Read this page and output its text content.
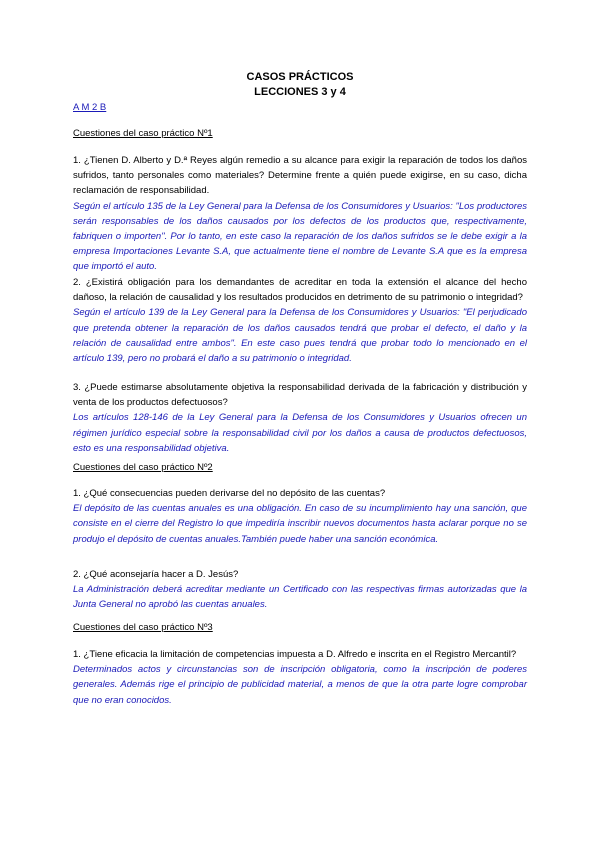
CASOS PRÁCTICOS
LECCIONES 3 y 4
A M 2 B
Cuestiones del caso práctico Nº1
1. ¿Tienen D. Alberto y D.ª Reyes algún remedio a su alcance para exigir la reparación de todos los daños sufridos, tanto personales como materiales? Determine frente a quién puede exigirse, en su caso, dicha reclamación de responsabilidad.
Según el artículo 135 de la Ley General para la Defensa de los Consumidores y Usuarios: "Los productores serán responsables de los daños causados por los defectos de los productos que, respectivamente, fabriquen o importen". Por lo tanto, en este caso la reparación de los daños sufridos se le debe exigir a la empresa Importaciones Levante S.A, que actualmente tiene el nombre de Levante S.A que es la empresa que importó el auto.
2. ¿Existirá obligación para los demandantes de acreditar en toda la extensión el alcance del hecho dañoso, la relación de causalidad y los resultados producidos en detrimento de su patrimonio o integridad?
Según el artículo 139 de la Ley General para la Defensa de los Consumidores y Usuarios: "El perjudicado que pretenda obtener la reparación de los daños causados tendrá que probar el defecto, el daño y la relación de causalidad entre ambos". En este caso pues tendrá que probar todo lo mencionado en el artículo 139, pero no probará el daño a su patrimonio o integridad.
3. ¿Puede estimarse absolutamente objetiva la responsabilidad derivada de la fabricación y distribución y venta de los productos defectuosos?
Los artículos 128-146 de la Ley General para la Defensa de los Consumidores y Usuarios ofrecen un régimen jurídico especial sobre la responsabilidad civil por los daños a causa de productos defectuosos, esto es una responsabilidad objetiva.
Cuestiones del caso práctico Nº2
1. ¿Qué consecuencias pueden derivarse del no depósito de las cuentas?
El depósito de las cuentas anuales es una obligación. En caso de su incumplimiento hay una sanción, que consiste en el cierre del Registro lo que impediría inscribir nuevos documentos hasta aclarar porque no se produjo el depósito de cuentas anuales.También puede haber una sanción económica.
2. ¿Qué aconsejaría hacer a D. Jesús?
La Administración deberá acreditar mediante un Certificado con las respectivas firmas autorizadas que la Junta General no aprobó las cuentas anuales.
Cuestiones del caso práctico Nº3
1. ¿Tiene eficacia la limitación de competencias impuesta a D. Alfredo e inscrita en el Registro Mercantil?
Determinados actos y circunstancias son de inscripción obligatoria, como la inscripción de poderes generales. Además rige el principio de publicidad material, a menos de que la otra parte logre comprobar que no eran conocidos.
